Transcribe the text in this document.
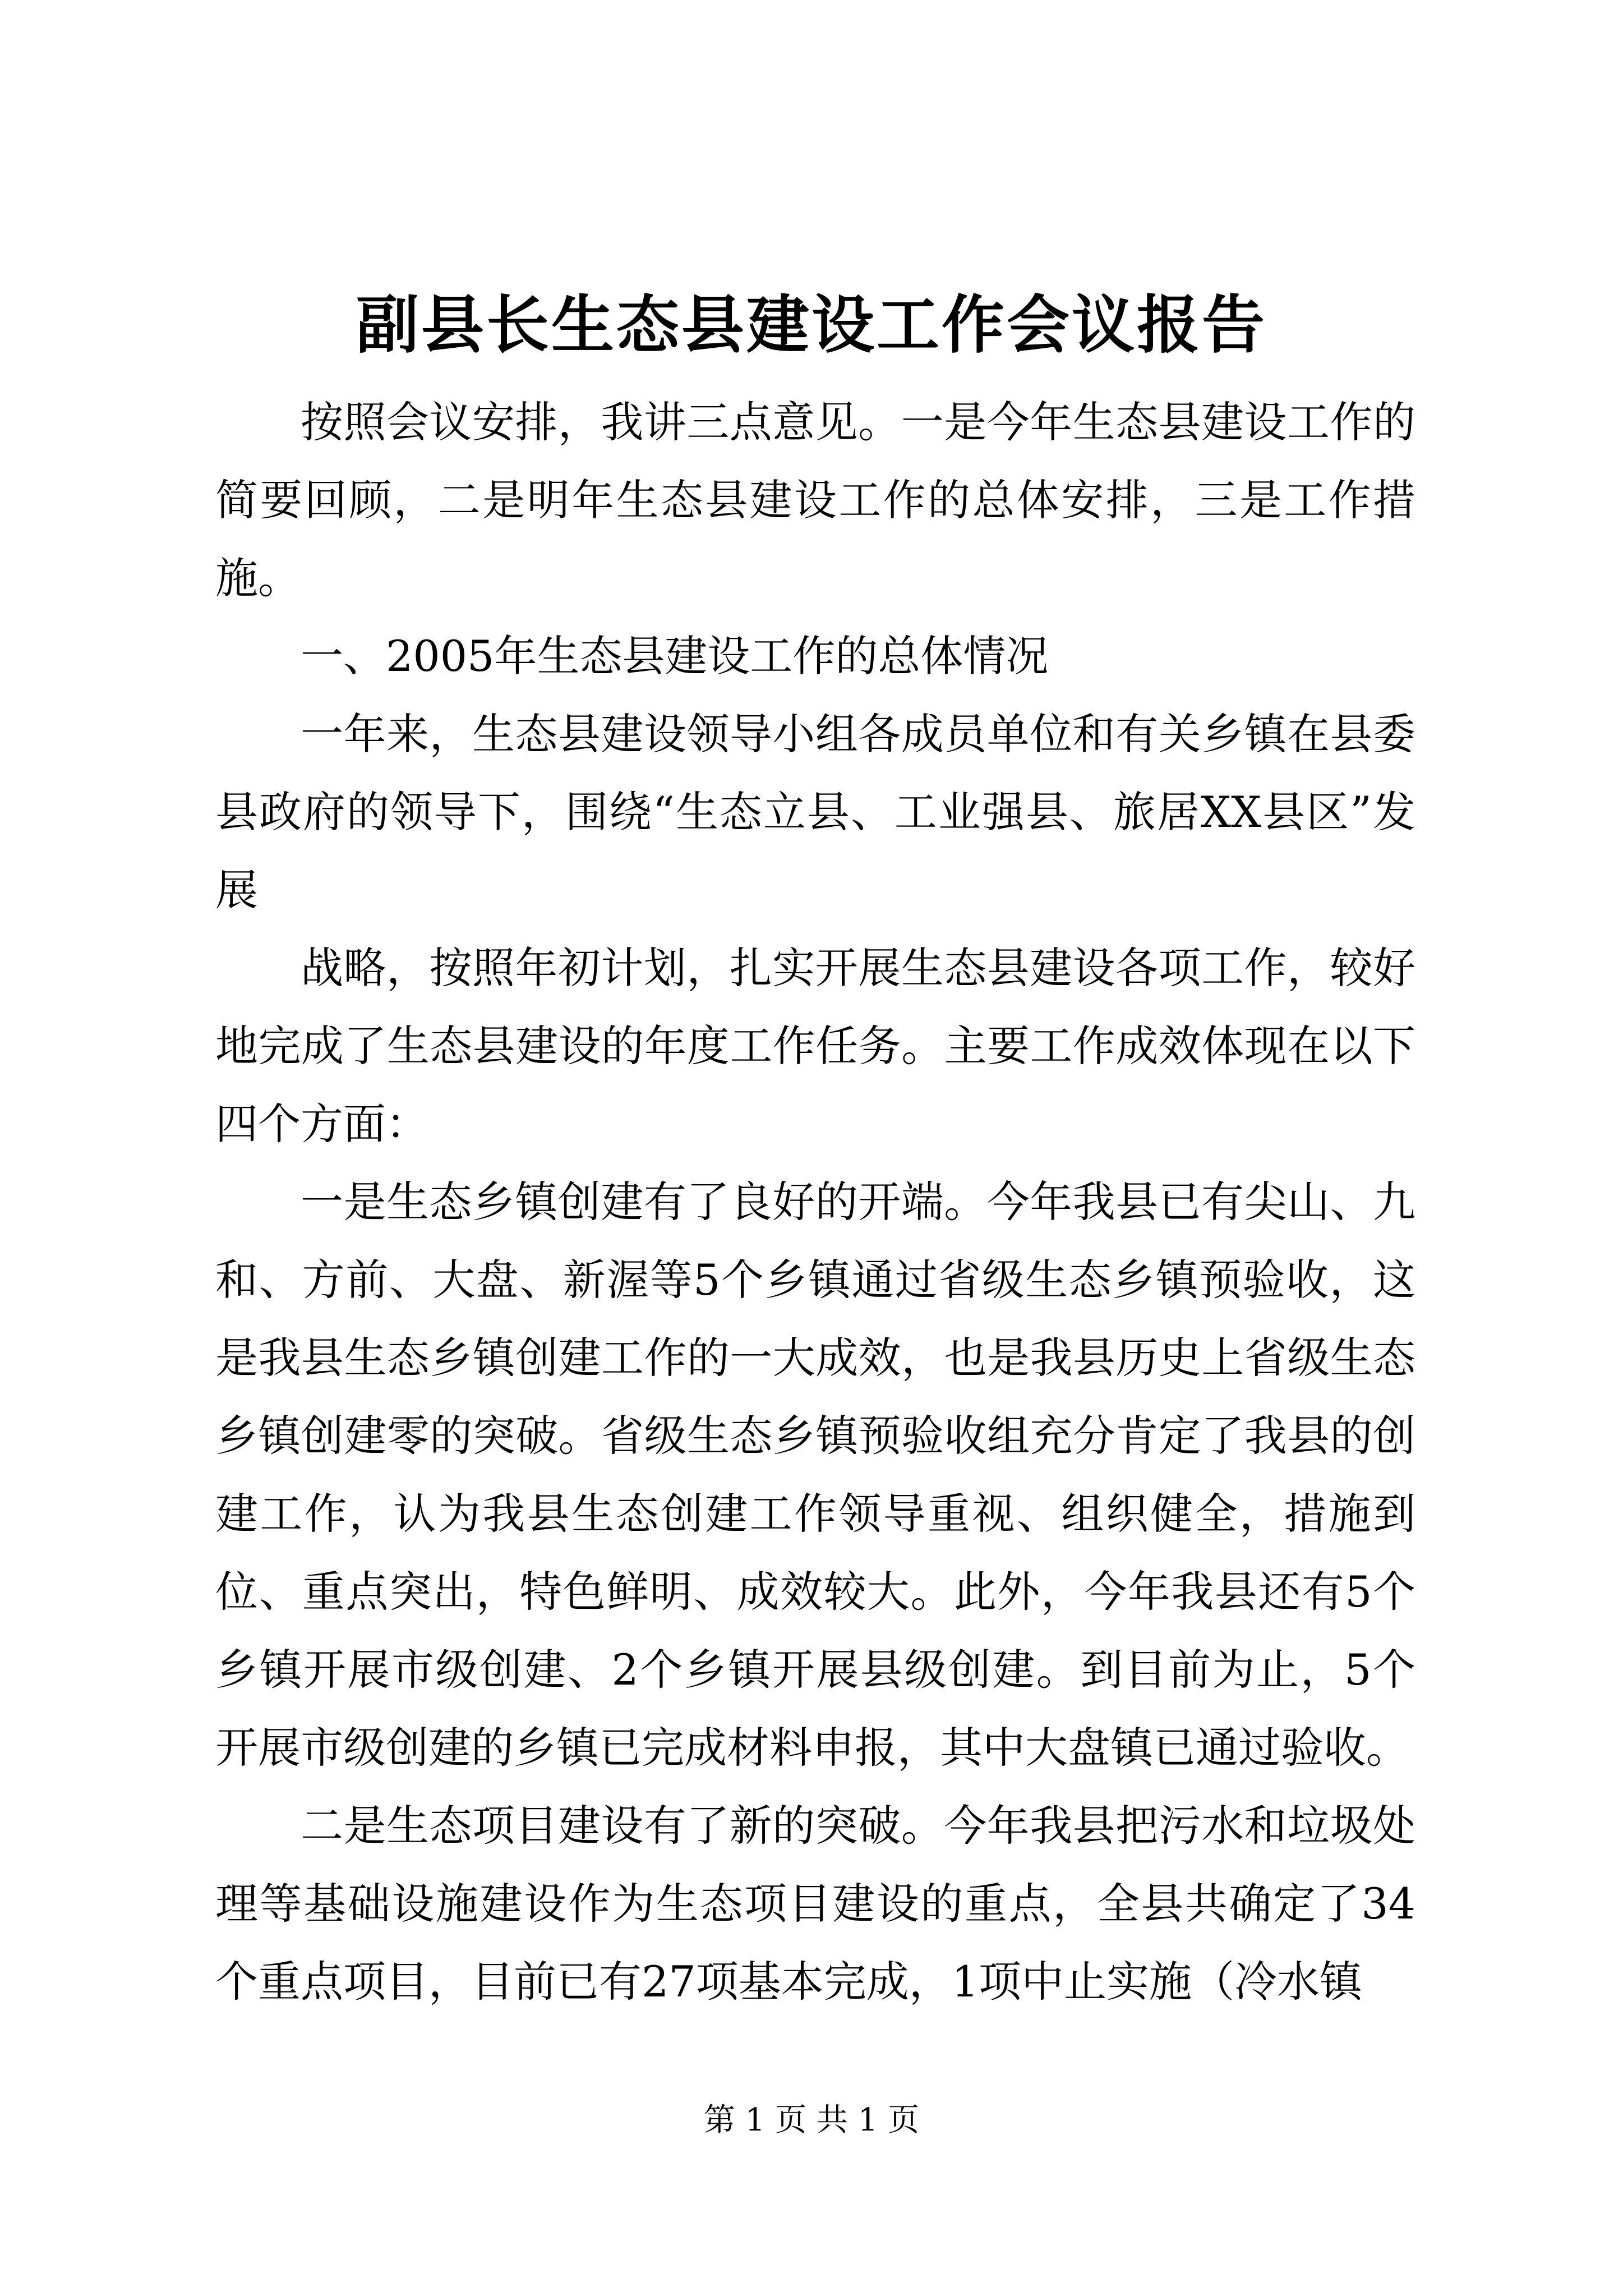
副县长生态县建设工作会议报告

按照会议安排，我讲三点意见。一是今年生态县建设工作的简要回顾，二是明年生态县建设工作的总体安排，三是工作措施。

一、2005年生态县建设工作的总体情况

一年来，生态县建设领导小组各成员单位和有关乡镇在县委县政府的领导下，围绕“生态立县、工业强县、旅居XX县区”发展

战略，按照年初计划，扎实开展生态县建设各项工作，较好地完成了生态县建设的年度工作任务。主要工作成效体现在以下四个方面：

一是生态乡镇创建有了良好的开端。今年我县已有尖山、九和、方前、大盘、新渥等5个乡镇通过省级生态乡镇预验收，这是我县生态乡镇创建工作的一大成效，也是我县历史上省级生态乡镇创建零的突破。省级生态乡镇预验收组充分肯定了我县的创建工作，认为我县生态创建工作领导重视、组织健全，措施到位、重点突出，特色鲜明、成效较大。此外，今年我县还有5个乡镇开展市级创建、2个乡镇开展县级创建。到目前为止，5个开展市级创建的乡镇已完成材料申报，其中大盘镇已通过验收。

二是生态项目建设有了新的突破。今年我县把污水和垃圾处理等基础设施建设作为生态项目建设的重点，全县共确定了34个重点项目，目前已有27项基本完成，1项中止实施（冷水镇

第 1 页 共 1 页
